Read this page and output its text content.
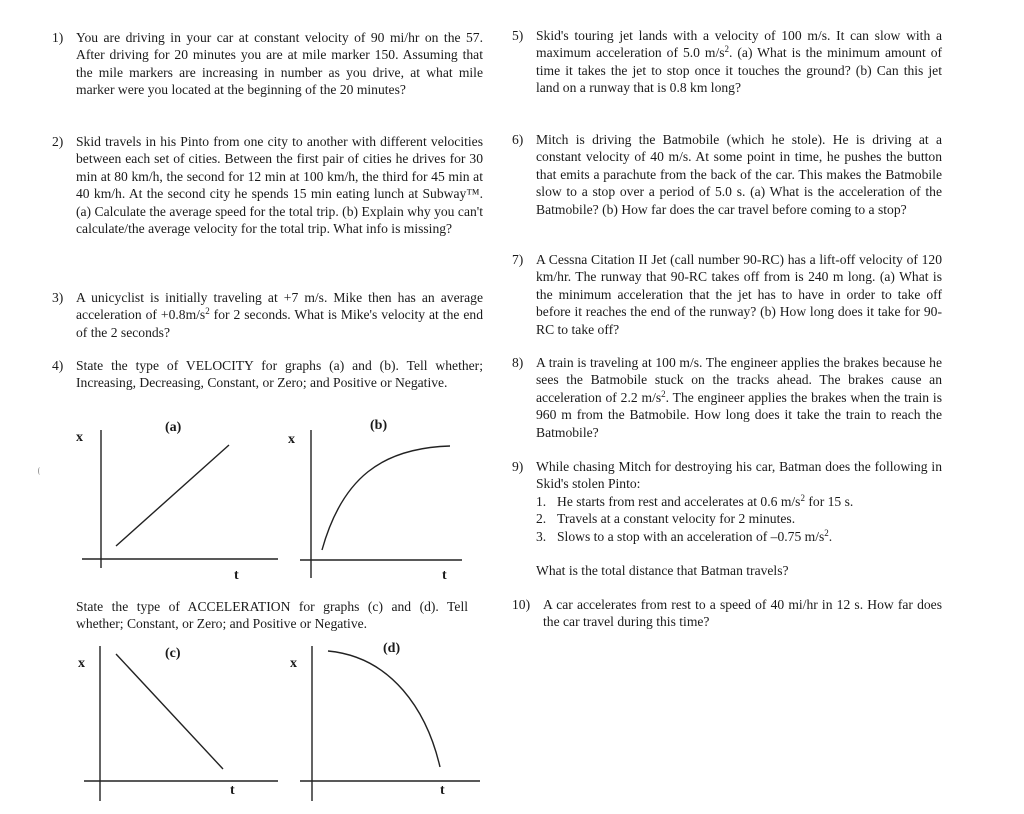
1) You are driving in your car at constant velocity of 90 mi/hr on the 57. After driving for 20 minutes you are at mile marker 150. Assuming that the mile markers are increasing in number as you drive, at what mile marker were you located at the beginning of the 20 minutes?
2) Skid travels in his Pinto from one city to another with different velocities between each set of cities. Between the first pair of cities he drives for 30 min at 80 km/h, the second for 12 min at 100 km/h, the third for 45 min at 40 km/h. At the second city he spends 15 min eating lunch at Subway™. (a) Calculate the average speed for the total trip. (b) Explain why you can't calculate/the average velocity for the total trip. What info is missing?
3) A unicyclist is initially traveling at +7 m/s. Mike then has an average acceleration of $+0.8m/s^2$ for 2 seconds. What is Mike's velocity at the end of the 2 seconds?
4) State the type of VELOCITY for graphs (a) and (b). Tell whether; Increasing, Decreasing, Constant, or Zero; and Positive or Negative.
x
(a)
t
x
(b)
t
State the type of ACCELERATION for graphs (c) and (d). Tell whether; Constant, or Zero; and Positive or Negative.
x
(c)
t
x
(d)
t
5) Skid's touring jet lands with a velocity of 100 m/s. It can slow with a maximum acceleration of 5.0 $m/s^2$. (a) What is the minimum amount of time it takes the jet to stop once it touches the ground? (b) Can this jet land on a runway that is 0.8 km long?
6) Mitch is driving the Batmobile (which he stole). He is driving at a constant velocity of 40 m/s. At some point in time, he pushes the button that emits a parachute from the back of the car. This makes the Batmobile slow to a stop over a period of 5.0 s. (a) What is the acceleration of the Batmobile? (b) How far does the car travel before coming to a stop?
7) A Cessna Citation II Jet (call number 90-RC) has a lift-off velocity of 120 km/hr. The runway that 90-RC takes off from is 240 m long. (a) What is the minimum acceleration that the jet has to have in order to take off before it reaches the end of the runway? (b) How long does it take for 90-RC to take off?
8) A train is traveling at 100 m/s. The engineer applies the brakes because he sees the Batmobile stuck on the tracks ahead. The brakes cause an acceleration of 2.2 $m/s^2$. The engineer applies the brakes when the train is 960 m from the Batmobile. How long does it take the train to reach the Batmobile?
9) While chasing Mitch for destroying his car, Batman does the following in Skid's stolen Pinto:
1. He starts from rest and accelerates at 0.6 $m/s^2$ for 15 s.
2. Travels at a constant velocity for 2 minutes.
3. Slows to a stop with an acceleration of –0.75 $m/s^2$.
What is the total distance that Batman travels?
10) A car accelerates from rest to a speed of 40 mi/hr in 12 s. How far does the car travel during this time?
